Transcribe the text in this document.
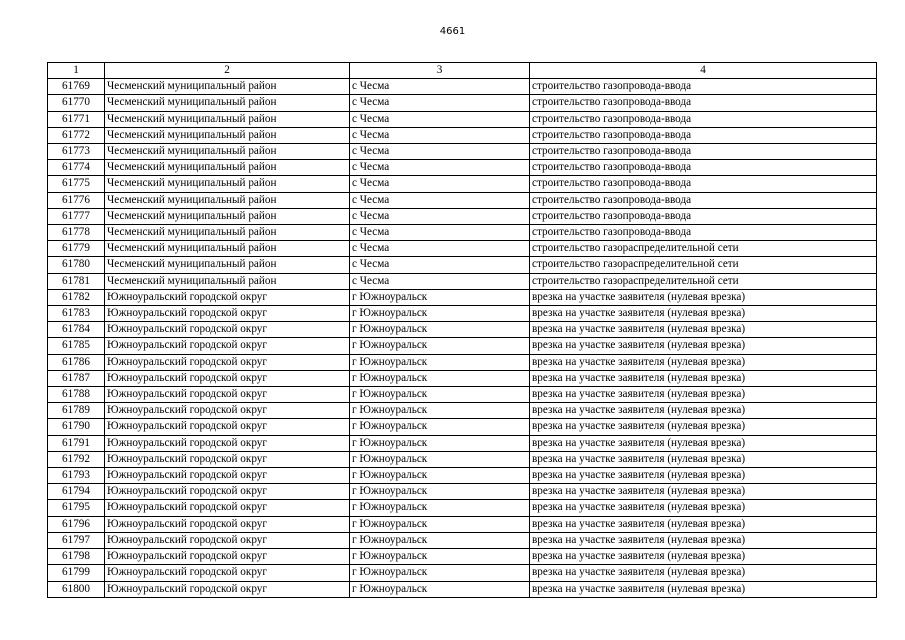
4661
1	2	3	4
61769	Чесменский муниципальный район	с Чесма	строительство газопровода-ввода
61770	Чесменский муниципальный район	с Чесма	строительство газопровода-ввода
61771	Чесменский муниципальный район	с Чесма	строительство газопровода-ввода
61772	Чесменский муниципальный район	с Чесма	строительство газопровода-ввода
61773	Чесменский муниципальный район	с Чесма	строительство газопровода-ввода
61774	Чесменский муниципальный район	с Чесма	строительство газопровода-ввода
61775	Чесменский муниципальный район	с Чесма	строительство газопровода-ввода
61776	Чесменский муниципальный район	с Чесма	строительство газопровода-ввода
61777	Чесменский муниципальный район	с Чесма	строительство газопровода-ввода
61778	Чесменский муниципальный район	с Чесма	строительство газопровода-ввода
61779	Чесменский муниципальный район	с Чесма	строительство газораспределительной сети
61780	Чесменский муниципальный район	с Чесма	строительство газораспределительной сети
61781	Чесменский муниципальный район	с Чесма	строительство газораспределительной сети
61782	Южноуральский городской округ	г Южноуральск	врезка на участке заявителя (нулевая врезка)
61783	Южноуральский городской округ	г Южноуральск	врезка на участке заявителя (нулевая врезка)
61784	Южноуральский городской округ	г Южноуральск	врезка на участке заявителя (нулевая врезка)
61785	Южноуральский городской округ	г Южноуральск	врезка на участке заявителя (нулевая врезка)
61786	Южноуральский городской округ	г Южноуральск	врезка на участке заявителя (нулевая врезка)
61787	Южноуральский городской округ	г Южноуральск	врезка на участке заявителя (нулевая врезка)
61788	Южноуральский городской округ	г Южноуральск	врезка на участке заявителя (нулевая врезка)
61789	Южноуральский городской округ	г Южноуральск	врезка на участке заявителя (нулевая врезка)
61790	Южноуральский городской округ	г Южноуральск	врезка на участке заявителя (нулевая врезка)
61791	Южноуральский городской округ	г Южноуральск	врезка на участке заявителя (нулевая врезка)
61792	Южноуральский городской округ	г Южноуральск	врезка на участке заявителя (нулевая врезка)
61793	Южноуральский городской округ	г Южноуральск	врезка на участке заявителя (нулевая врезка)
61794	Южноуральский городской округ	г Южноуральск	врезка на участке заявителя (нулевая врезка)
61795	Южноуральский городской округ	г Южноуральск	врезка на участке заявителя (нулевая врезка)
61796	Южноуральский городской округ	г Южноуральск	врезка на участке заявителя (нулевая врезка)
61797	Южноуральский городской округ	г Южноуральск	врезка на участке заявителя (нулевая врезка)
61798	Южноуральский городской округ	г Южноуральск	врезка на участке заявителя (нулевая врезка)
61799	Южноуральский городской округ	г Южноуральск	врезка на участке заявителя (нулевая врезка)
61800	Южноуральский городской округ	г Южноуральск	врезка на участке заявителя (нулевая врезка)
